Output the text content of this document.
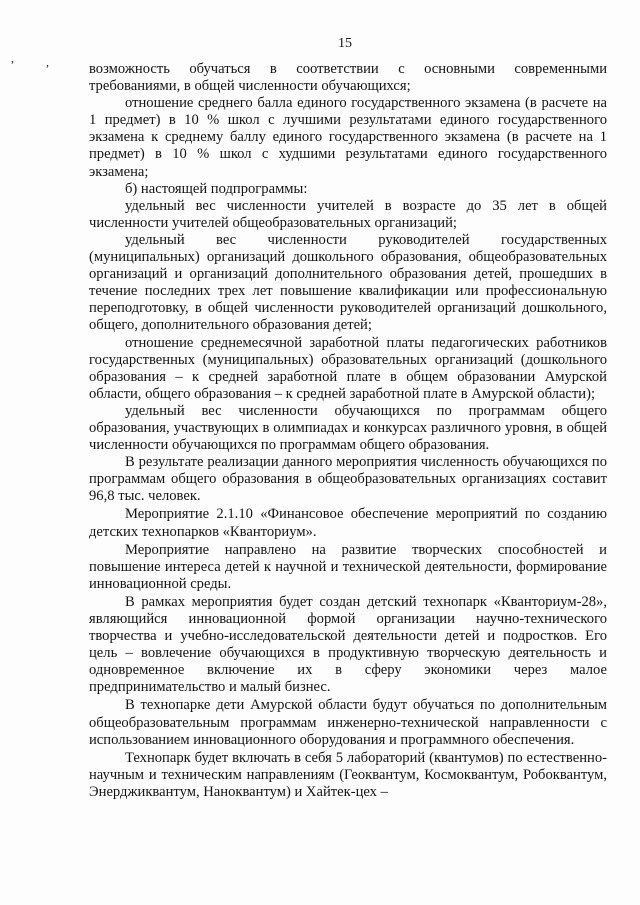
15
,	,	возможность обучаться в соответствии с основными современными требованиями, в общей численности обучающихся;

отношение среднего балла единого государственного экзамена (в расчете на 1 предмет) в 10 % школ с лучшими результатами единого государственного экзамена к среднему баллу единого государственного экзамена (в расчете на 1 предмет) в 10 % школ с худшими результатами единого государственного экзамена;

б) настоящей подпрограммы:

удельный вес численности учителей в возрасте до 35 лет в общей численности учителей общеобразовательных организаций;

удельный вес численности руководителей государственных (муниципальных) организаций дошкольного образования, общеобразовательных организаций и организаций дополнительного образования детей, прошедших в течение последних трех лет повышение квалификации или профессиональную переподготовку, в общей численности руководителей организаций дошкольного, общего, дополнительного образования детей;

отношение среднемесячной заработной платы педагогических работников государственных (муниципальных) образовательных организаций (дошкольного образования – к средней заработной плате в общем образовании Амурской области, общего образования – к средней заработной плате в Амурской области);

удельный вес численности обучающихся по программам общего образования, участвующих в олимпиадах и конкурсах различного уровня, в общей численности обучающихся по программам общего образования.

В результате реализации данного мероприятия численность обучающихся по программам общего образования в общеобразовательных организациях составит 96,8 тыс. человек.

Мероприятие 2.1.10 «Финансовое обеспечение мероприятий по созданию детских технопарков «Кванториум».

Мероприятие направлено на развитие творческих способностей и повышение интереса детей к научной и технической деятельности, формирование инновационной среды.

В рамках мероприятия будет создан детский технопарк «Кванториум-28», являющийся инновационной формой организации научно-технического творчества и учебно-исследовательской деятельности детей и подростков. Его цель – вовлечение обучающихся в продуктивную творческую деятельность и одновременное включение их в сферу экономики через малое предпринимательство и малый бизнес.

В технопарке дети Амурской области будут обучаться по дополнительным общеобразовательным программам инженерно-технической направленности с использованием инновационного оборудования и программного обеспечения.

Технопарк будет включать в себя 5 лабораторий (квантумов) по естественно-научным и техническим направлениям (Геоквантум, Космоквантум, Робоквантум, Энерджиквантум, Наноквантум) и Хайтек-цех –
